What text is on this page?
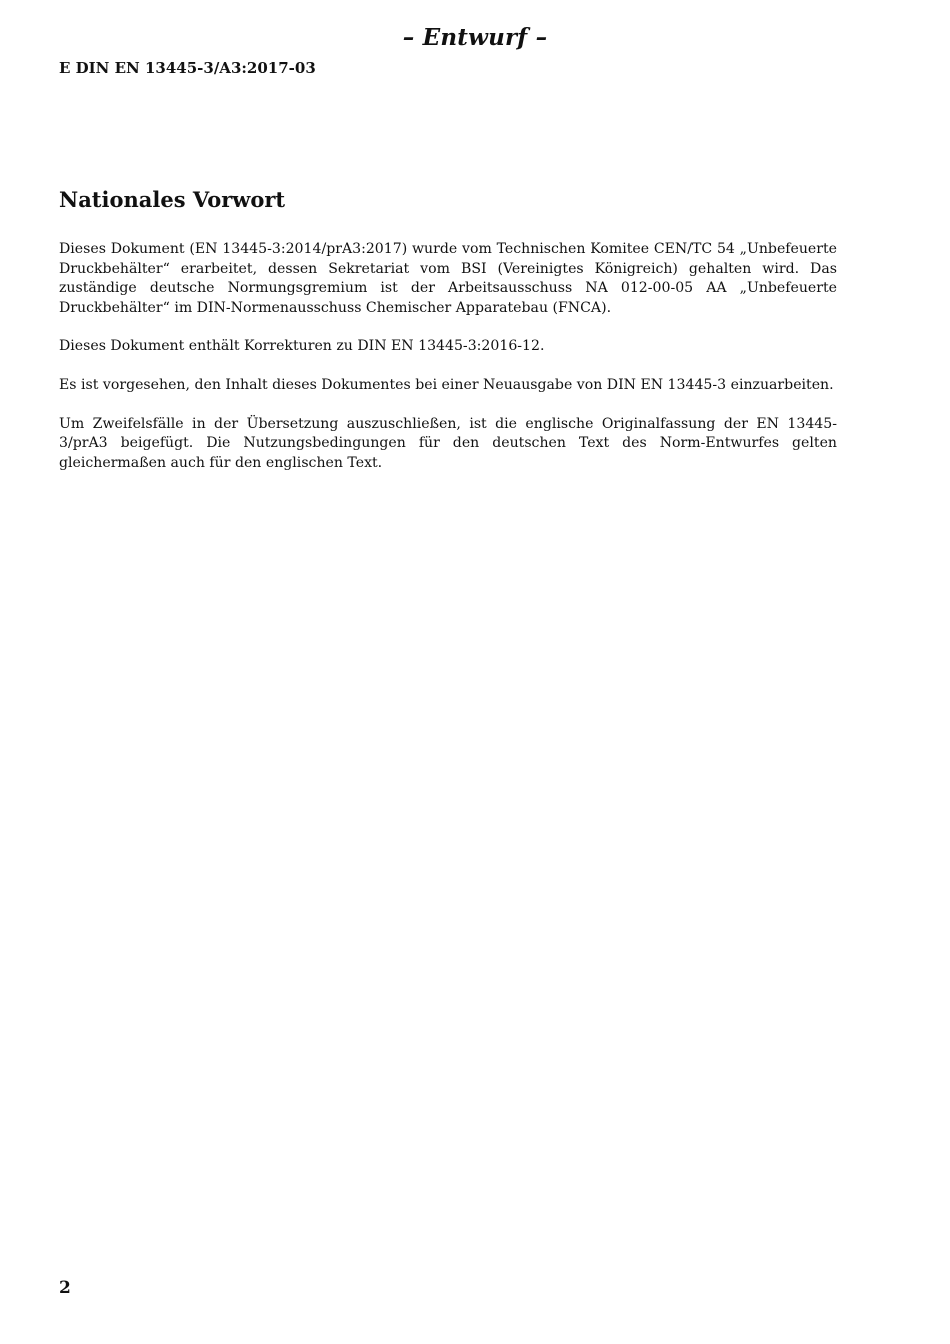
– Entwurf –
E DIN EN 13445-3/A3:2017-03
Nationales Vorwort

Dieses Dokument (EN 13445-3:2014/prA3:2017) wurde vom Technischen Komitee CEN/TC 54 „Unbefeuerte Druckbehälter“ erarbeitet, dessen Sekretariat vom BSI (Vereinigtes Königreich) gehalten wird. Das zuständige deutsche Normungsgremium ist der Arbeitsausschuss NA 012-00-05 AA „Unbefeuerte Druckbehälter“ im DIN-Normenausschuss Chemischer Apparatebau (FNCA).

Dieses Dokument enthält Korrekturen zu DIN EN 13445-3:2016-12.

Es ist vorgesehen, den Inhalt dieses Dokumentes bei einer Neuausgabe von DIN EN 13445-3 einzuarbeiten.

Um Zweifelsfälle in der Übersetzung auszuschließen, ist die englische Originalfassung der EN 13445-3/prA3 beigefügt. Die Nutzungsbedingungen für den deutschen Text des Norm-Entwurfes gelten gleichermaßen auch für den englischen Text.

2
